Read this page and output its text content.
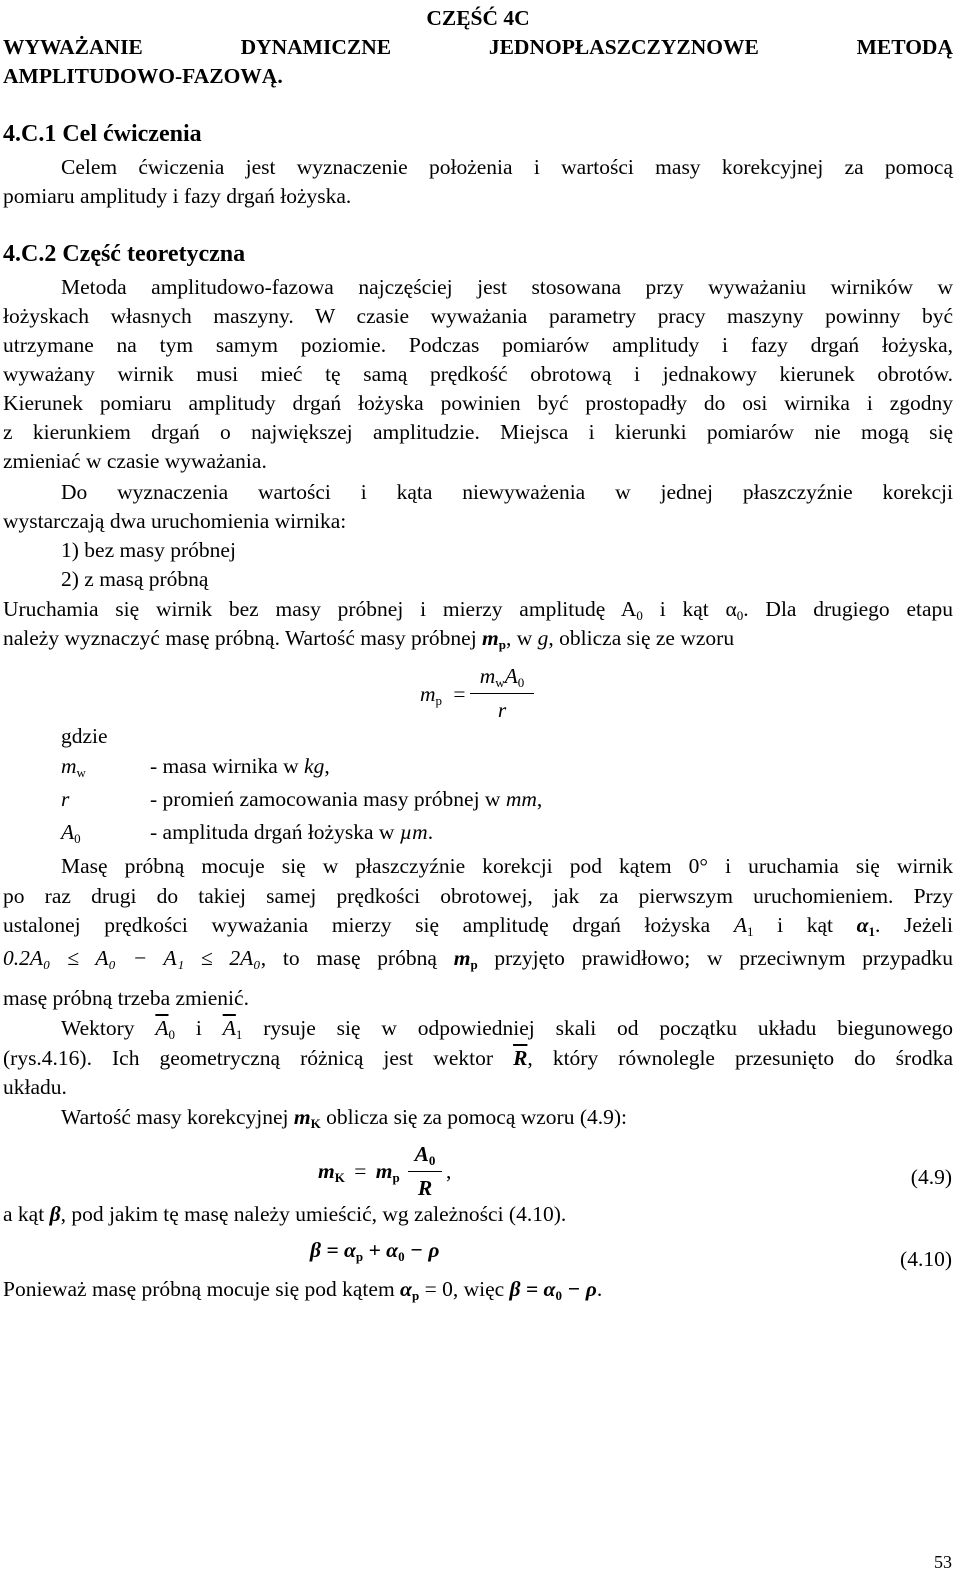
CZĘŚĆ 4C
WYWAŻANIE	DYNAMICZNE	JEDNOPŁASZCZYZNOWE	METODĄ
AMPLITUDOWO-FAZOWĄ.
4.C.1 Cel ćwiczenia
Celem ćwiczenia jest wyznaczenie położenia i wartości masy korekcyjnej za pomocą
pomiaru amplitudy i fazy drgań łożyska.
4.C.2 Część teoretyczna
Metoda amplitudowo-fazowa najczęściej jest stosowana przy wyważaniu wirników w
łożyskach własnych maszyny. W czasie wyważania parametry pracy maszyny powinny być
utrzymane na tym samym poziomie. Podczas pomiarów amplitudy i fazy drgań łożyska,
wyważany wirnik musi mieć tę samą prędkość obrotową i jednakowy kierunek obrotów.
Kierunek pomiaru amplitudy drgań łożyska powinien być prostopadły do osi wirnika i zgodny
z kierunkiem drgań o największej amplitudzie. Miejsca i kierunki pomiarów nie mogą się
zmieniać w czasie wyważania.
Do wyznaczenia wartości i kąta niewyważenia w jednej płaszczyźnie korekcji
wystarczają dwa uruchomienia wirnika:
1) bez masy próbnej
2) z masą próbną
Uruchamia się wirnik bez masy próbnej i mierzy amplitudę $A_0$ i kąt $\alpha_0$. Dla drugiego etapu
należy wyznaczyć masę próbną. Wartość masy próbnej $m_p$, w g, oblicza się ze wzoru
$m_p$ =
$m_wA_0$
r
gdzie
$m_w$	- masa wirnika w kg,
r	- promień zamocowania masy próbnej w mm,
$A_0$	- amplituda drgań łożyska w µm.
Masę próbną mocuje się w płaszczyźnie korekcji pod kątem 0° i uruchamia się wirnik
po raz drugi do takiej samej prędkości obrotowej, jak za pierwszym uruchomieniem. Przy
ustalonej prędkości wyważania mierzy się amplitudę drgań łożyska $A_1$ i kąt $\alpha_1$. Jeżeli
0.2A₀ ≤ A₀ − A₁ ≤ 2A₀, to masę próbną $m_p$ przyjęto prawidłowo; w przeciwnym przypadku
masę próbną trzeba zmienić.
Wektory $\overline{A}_0$ i $\overline{A}_1$ rysuje się w odpowiedniej skali od początku układu biegunowego
(rys.4.16). Ich geometryczną różnicą jest wektor $\overline{R}$, który równolegle przesunięto do środka
układu.
Wartość masy korekcyjnej $m_K$ oblicza się za pomocą wzoru (4.9):
$m_K = m_p \frac{A_0}{R}$ ,	(4.9)
a kąt β, pod jakim tę masę należy umieścić, wg zależności (4.10).
$\beta = \alpha_p + \alpha_0 - \rho$	(4.10)
Ponieważ masę próbną mocuje się pod kątem $\alpha_p = 0$, więc $\beta = \alpha_0 - \rho$.
53
